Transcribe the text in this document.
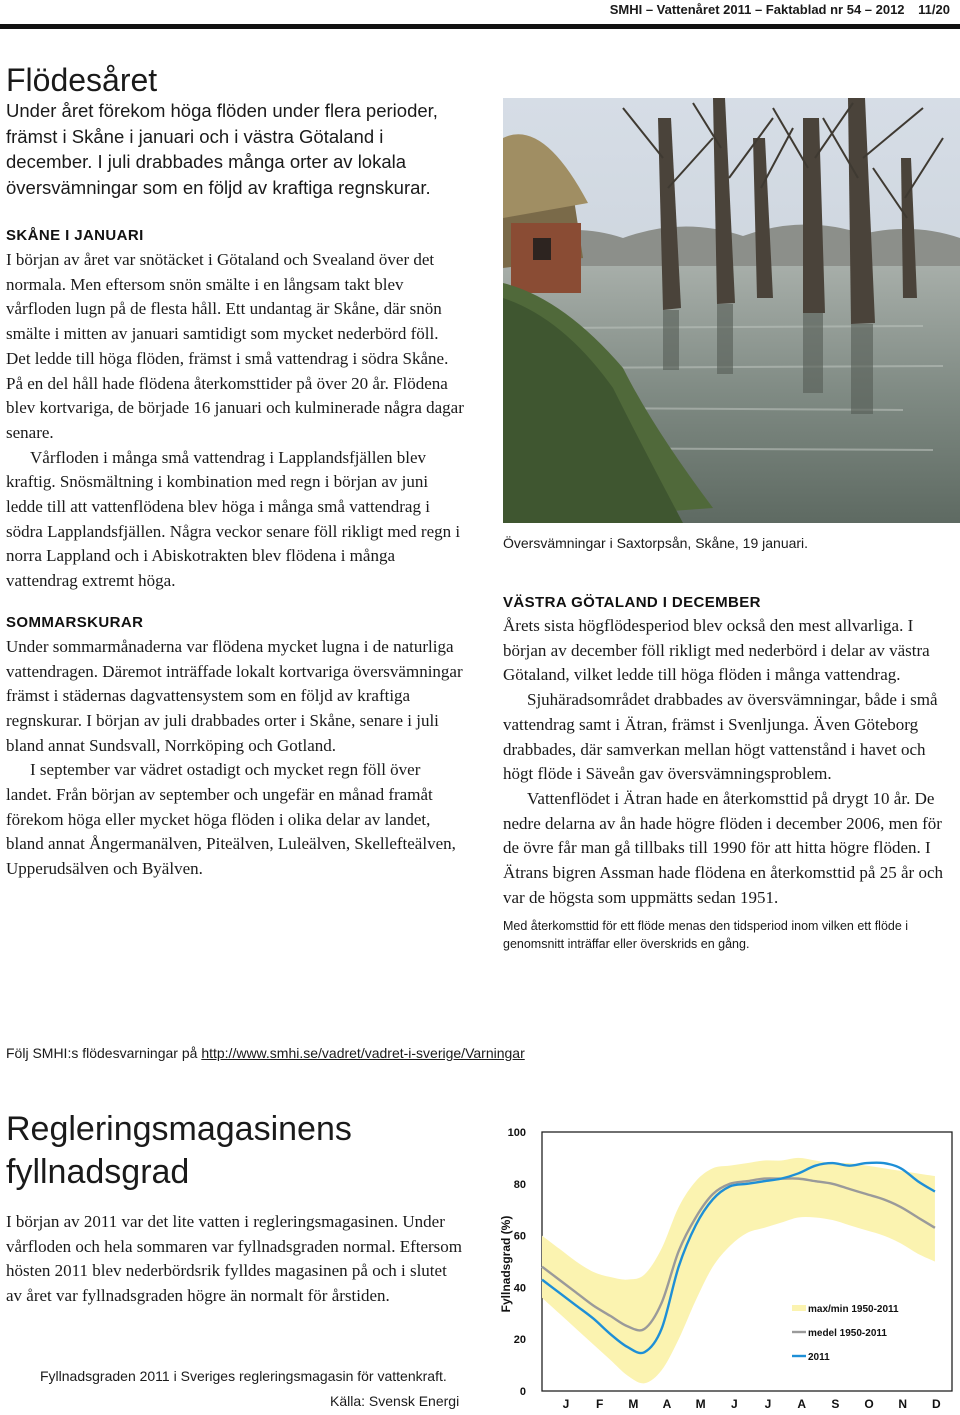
SMHI – Vattenåret 2011 – Faktablad nr 54 – 2012 11/20
Flödesåret
Under året förekom höga flöden under flera perioder, främst i Skåne i januari och i västra Götaland i december. I juli drabbades många orter av lokala översvämningar som en följd av kraftiga regnskurar.
SKÅNE I JANUARI

I början av året var snötäcket i Götaland och Svealand över det normala. Men eftersom snön smälte i en långsam takt blev vårfloden lugn på de flesta håll. Ett undantag är Skåne, där snön smälte i mitten av januari samtidigt som mycket nederbörd föll. Det ledde till höga flöden, främst i små vattendrag i södra Skåne. På en del håll hade flödena återkomsttider på över 20 år. Flödena blev kortvariga, de började 16 januari och kulminerade några dagar senare.

Vårfloden i många små vattendrag i Lapplandsfjällen blev kraftig. Snösmältning i kombination med regn i början av juni ledde till att vattenflödena blev höga i många små vattendrag i södra Lapplandsfjällen. Några veckor senare föll rikligt med regn i norra Lappland och i Abiskotrakten blev flödena i många vattendrag extremt höga.

SOMMARSKURAR

Under sommarmånaderna var flödena mycket lugna i de naturliga vattendragen. Däremot inträffade lokalt kortvariga översvämningar främst i städernas dagvattensystem som en följd av kraftiga regnskurar. I början av juli drabbades orter i Skåne, senare i juli bland annat Sundsvall, Norrköping och Gotland.

I september var vädret ostadigt och mycket regn föll över landet. Från början av september och ungefär en månad framåt förekom höga eller mycket höga flöden i olika delar av landet, bland annat Ångermanälven, Piteälven, Luleälven, Skellefteälven, Upperudsälven och Byälven.

Följ SMHI:s flödesvarningar på http://www.smhi.se/vadret/vadret-i-sverige/Varningar
Översvämningar i Saxtorpsån, Skåne, 19 januari.
VÄSTRA GÖTALAND I DECEMBER

Årets sista högflödesperiod blev också den mest allvarliga. I början av december föll rikligt med nederbörd i delar av västra Götaland, vilket ledde till höga flöden i många vattendrag.

Sjuhäradsområdet drabbades av översvämningar, både i små vattendrag samt i Ätran, främst i Svenljunga. Även Göteborg drabbades, där samverkan mellan högt vattenstånd i havet och högt flöde i Säveån gav översvämningsproblem.

Vattenflödet i Ätran hade en återkomsttid på drygt 10 år. De nedre delarna av ån hade högre flöden i december 2006, men för de övre får man gå tillbaks till 1990 för att hitta högre flöden. I Ätrans bigren Assman hade flödena en återkomsttid på 25 år och var de högsta som uppmätts sedan 1951.

Med återkomsttid för ett flöde menas den tidsperiod inom vilken ett flöde i genomsnitt inträffar eller överskrids en gång.
Regleringsmagasinens
fyllnadsgrad

I början av 2011 var det lite vatten i regleringsmagasinen. Under vårfloden och hela sommaren var fyllnadsgraden normal. Eftersom hösten 2011 blev nederbördsrik fylldes magasinen på och i slutet av året var fyllnadsgraden högre än normalt för årstiden.

Fyllnadsgraden 2011 i Sveriges regleringsmagasin för vattenkraft.
Källa: Svensk Energi
Fyllnadsgrad (%)
0
20
40
60
80
100
J F M A M J J A S O N D
max/min 1950-2011
medel 1950-2011
2011
